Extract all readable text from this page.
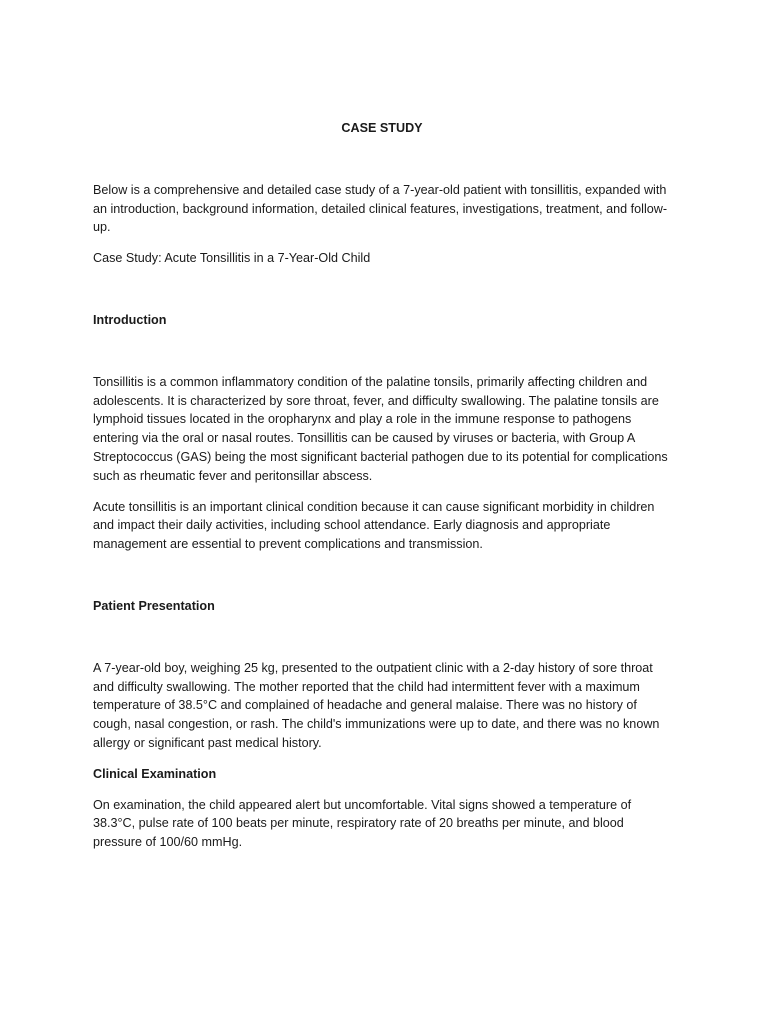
CASE STUDY

Below is a comprehensive and detailed case study of a 7-year-old patient with tonsillitis, expanded with an introduction, background information, detailed clinical features, investigations, treatment, and follow-up.

Case Study: Acute Tonsillitis in a 7-Year-Old Child

Introduction

Tonsillitis is a common inflammatory condition of the palatine tonsils, primarily affecting children and adolescents. It is characterized by sore throat, fever, and difficulty swallowing. The palatine tonsils are lymphoid tissues located in the oropharynx and play a role in the immune response to pathogens entering via the oral or nasal routes. Tonsillitis can be caused by viruses or bacteria, with Group A Streptococcus (GAS) being the most significant bacterial pathogen due to its potential for complications such as rheumatic fever and peritonsillar abscess.

Acute tonsillitis is an important clinical condition because it can cause significant morbidity in children and impact their daily activities, including school attendance. Early diagnosis and appropriate management are essential to prevent complications and transmission.

Patient Presentation

A 7-year-old boy, weighing 25 kg, presented to the outpatient clinic with a 2-day history of sore throat and difficulty swallowing. The mother reported that the child had intermittent fever with a maximum temperature of 38.5°C and complained of headache and general malaise. There was no history of cough, nasal congestion, or rash. The child's immunizations were up to date, and there was no known allergy or significant past medical history.

Clinical Examination

On examination, the child appeared alert but uncomfortable. Vital signs showed a temperature of 38.3°C, pulse rate of 100 beats per minute, respiratory rate of 20 breaths per minute, and blood pressure of 100/60 mmHg.
